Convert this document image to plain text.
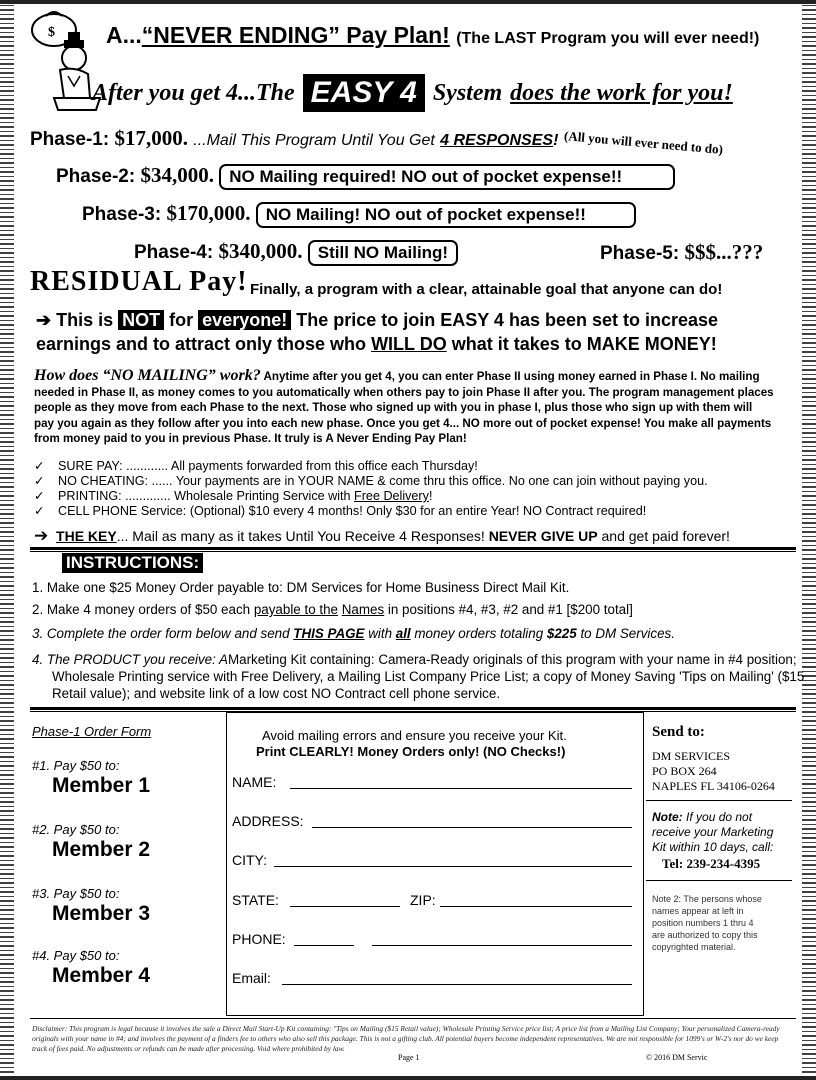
$ A...“NEVER ENDING” Pay Plan! (The LAST Program you will ever need!)
After you get 4...The EASY 4 System does the work for you!
Phase-1: $17,000. ...Mail This Program Until You Get 4 RESPONSES! (All you will ever need to do)
Phase-2: $34,000. NO Mailing required! NO out of pocket expense!!
Phase-3: $170,000. NO Mailing! NO out of pocket expense!!
Phase-4: $340,000. Still NO Mailing!	Phase-5: $$$...???
RESIDUAL Pay! Finally, a program with a clear, attainable goal that anyone can do!
➔ This is NOT for everyone! The price to join EASY 4 has been set to increase
earnings and to attract only those who WILL DO what it takes to MAKE MONEY!
How does “NO MAILING” work? Anytime after you get 4, you can enter Phase II using money earned in Phase I. No mailing needed in Phase II, as money comes to you automatically when others pay to join Phase II after you. The program management places people as they move from each Phase to the next. Those who signed up with you in phase I, plus those who sign up with them will pay you again as they follow after you into each new phase. Once you get 4... NO more out of pocket expense! You make all payments from money paid to you in previous Phase. It truly is A Never Ending Pay Plan!
✓ SURE PAY: ............ All payments forwarded from this office each Thursday!
✓ NO CHEATING: ...... Your payments are in YOUR NAME & come thru this office. No one can join without paying you.
✓ PRINTING: ............. Wholesale Printing Service with Free Delivery!
✓ CELL PHONE Service: (Optional) $10 every 4 months! Only $30 for an entire Year! NO Contract required!
➔ THE KEY... Mail as many as it takes Until You Receive 4 Responses! NEVER GIVE UP and get paid forever!
INSTRUCTIONS:
1. Make one $25 Money Order payable to: DM Services for Home Business Direct Mail Kit.
2. Make 4 money orders of $50 each payable to the Names in positions #4, #3, #2 and #1 [$200 total]
3. Complete the order form below and send THIS PAGE with all money orders totaling $225 to DM Services.
4. The PRODUCT you receive: AMarketing Kit containing: Camera-Ready originals of this program with your name in #4 position;
Wholesale Printing service with Free Delivery, a Mailing List Company Price List; a copy of Money Saving 'Tips on Mailing' ($15
Retail value); and website link of a low cost NO Contract cell phone service.
Phase-1 Order Form
#1. Pay $50 to:
Member 1
#2. Pay $50 to:
Member 2
#3. Pay $50 to:
Member 3
#4. Pay $50 to:
Member 4
Avoid mailing errors and ensure you receive your Kit.
Print CLEARLY! Money Orders only! (NO Checks!)
NAME:
ADDRESS:
CITY:
STATE:	ZIP:
PHONE:
Email:
Send to:
DM SERVICES
PO BOX 264
NAPLES FL 34106-0264
Note: If you do not
receive your Marketing
Kit within 10 days, call:
Tel: 239-234-4395
Note 2: The persons whose
names appear at left in
position numbers 1 thru 4
are authorized to copy this
copyrighted material.
Disclaimer: This program is legal because it involves the sale a Direct Mail Start-Up Kit containing: "Tips on Mailing ($15 Retail value); Wholesale Printing Service price list; A price list from a Mailing List Company; Your personalized Camera-ready originals with your name in #4; and involves the payment of a finders fee to others who also sell this package. This is not a gifting club. All potential buyers become independent representatives. We are not responsible for 1099's or W-2's nor do we keep track of fees paid. No adjustments or refunds can be made after processing. Void where prohibited by law.
Page 1	© 2016 DM Servic
